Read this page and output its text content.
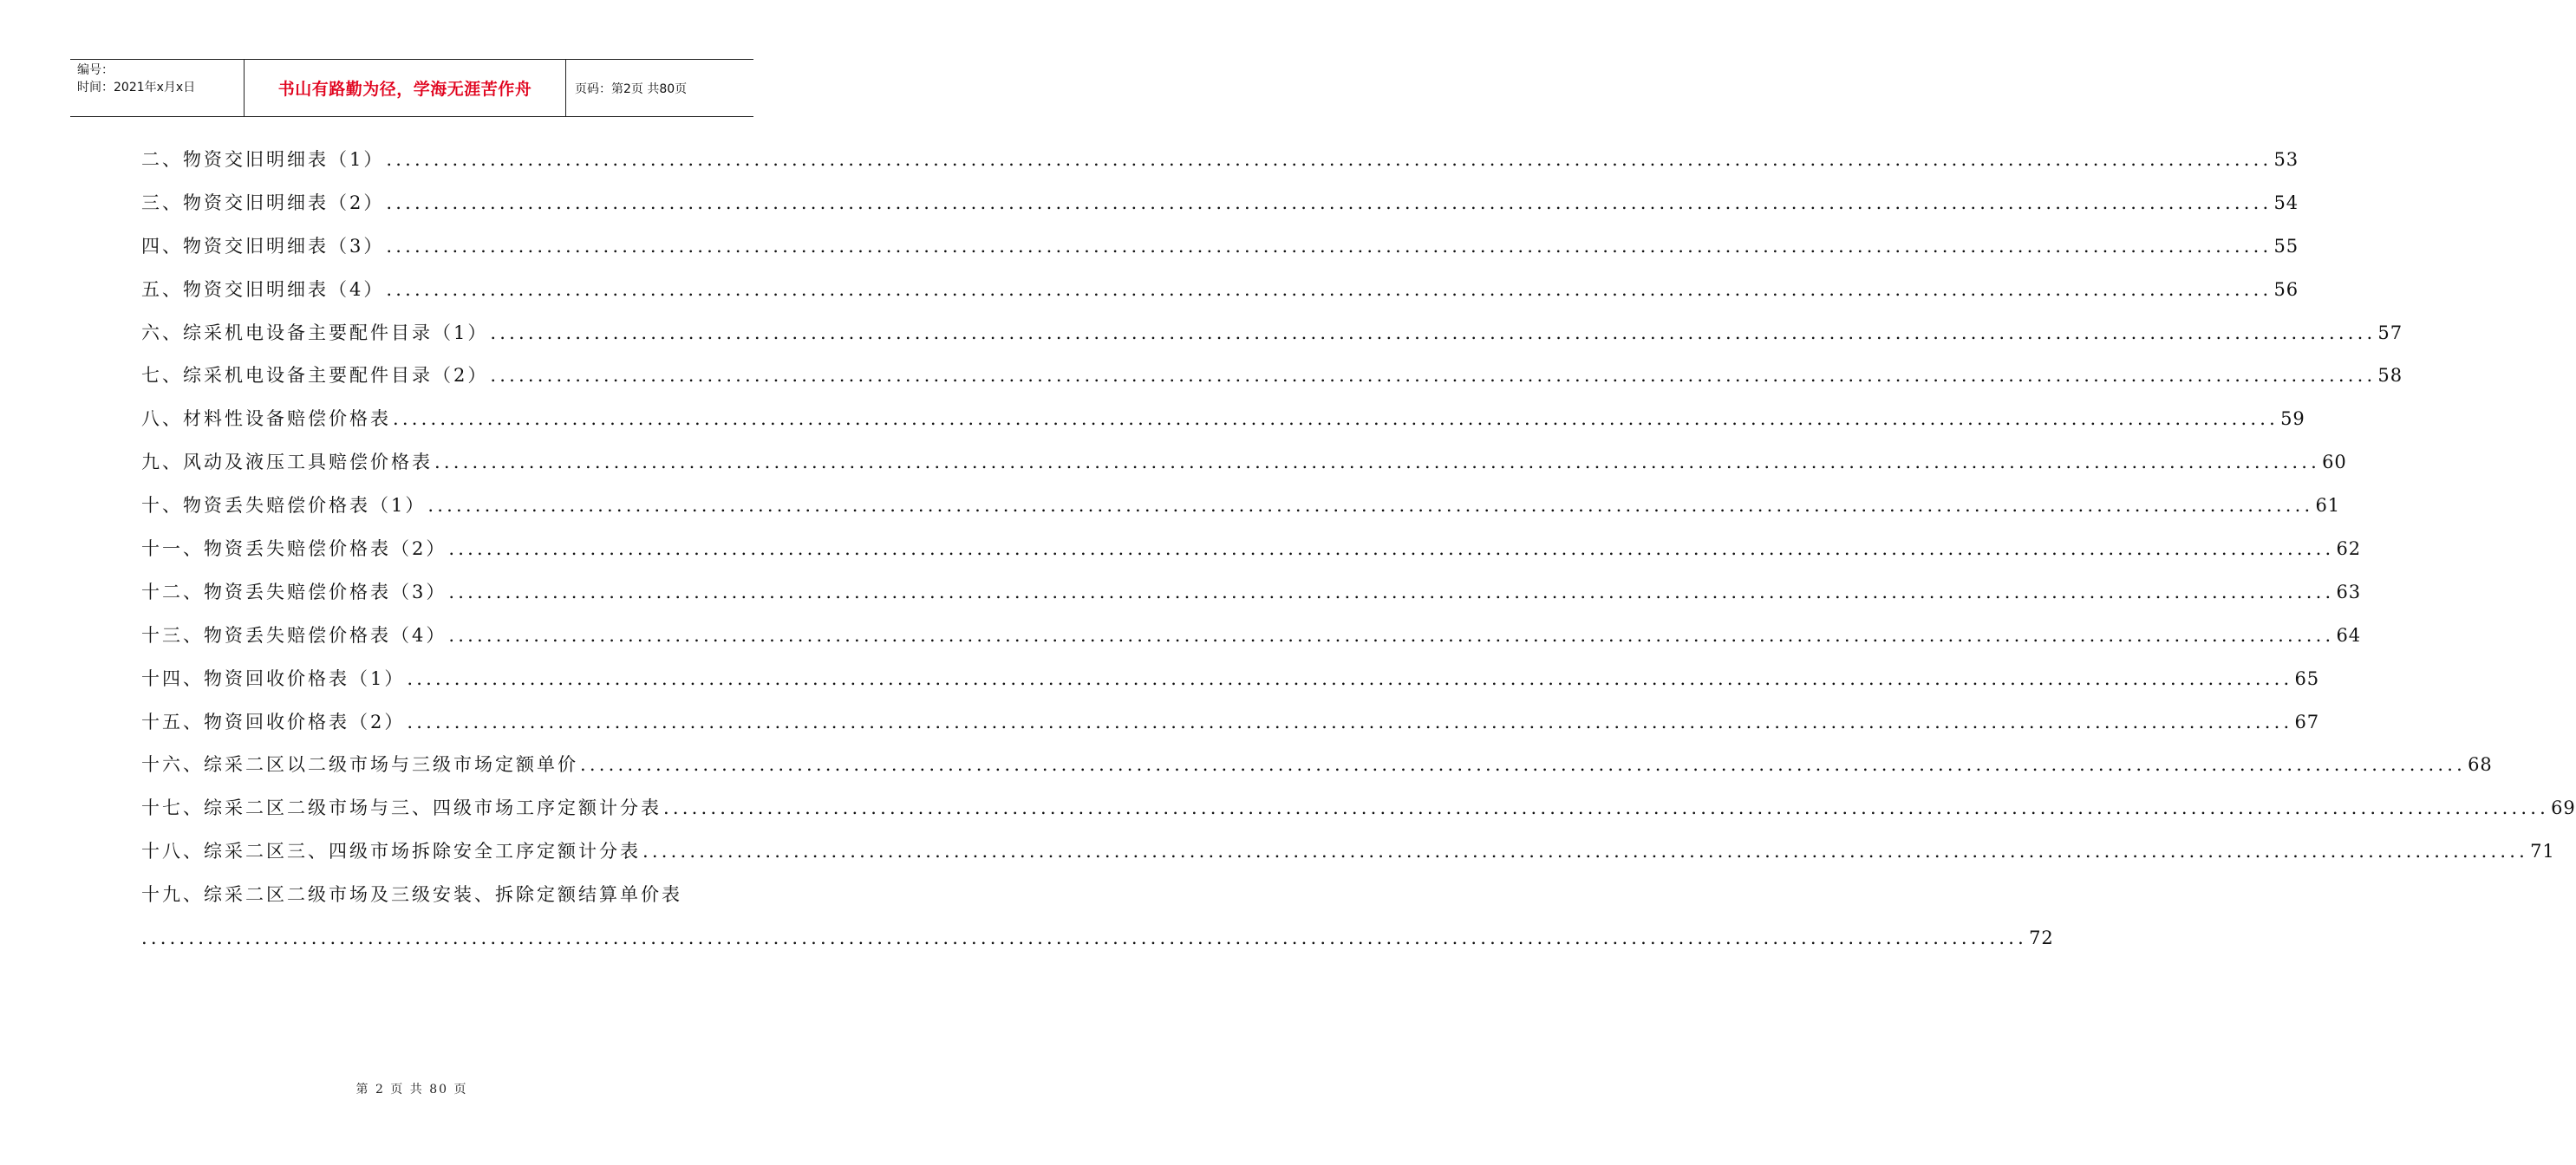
编号：
时间：2021年x月x日	书山有路勤为径，学海无涯苦作舟	页码：第2页 共80页
二、物资交旧明细表（1） ........................................................................................................................................................................................................ 53
三、物资交旧明细表（2） ........................................................................................................................................................................................................ 54
四、物资交旧明细表（3） ........................................................................................................................................................................................................ 55
五、物资交旧明细表（4） ........................................................................................................................................................................................................ 56
六、综采机电设备主要配件目录（1） ........................................................................................................................................................................................................ 57
七、综采机电设备主要配件目录（2） ........................................................................................................................................................................................................ 58
八、材料性设备赔偿价格表 ........................................................................................................................................................................................................ 59
九、风动及液压工具赔偿价格表 ........................................................................................................................................................................................................ 60
十、物资丢失赔偿价格表（1） ........................................................................................................................................................................................................ 61
十一、物资丢失赔偿价格表（2） ........................................................................................................................................................................................................ 62
十二、物资丢失赔偿价格表（3） ........................................................................................................................................................................................................ 63
十三、物资丢失赔偿价格表（4） ........................................................................................................................................................................................................ 64
十四、物资回收价格表（1） ........................................................................................................................................................................................................ 65
十五、物资回收价格表（2） ........................................................................................................................................................................................................ 67
十六、综采二区以二级市场与三级市场定额单价 ........................................................................................................................................................................................................ 68
十七、综采二区二级市场与三、四级市场工序定额计分表 ........................................................................................................................................................................................................ 69
十八、综采二区三、四级市场拆除安全工序定额计分表 ........................................................................................................................................................................................................ 71
十九、综采二区二级市场及三级安装、拆除定额结算单价表
........................................................................................................................................................................................................ 72
第 2 页 共 80 页
